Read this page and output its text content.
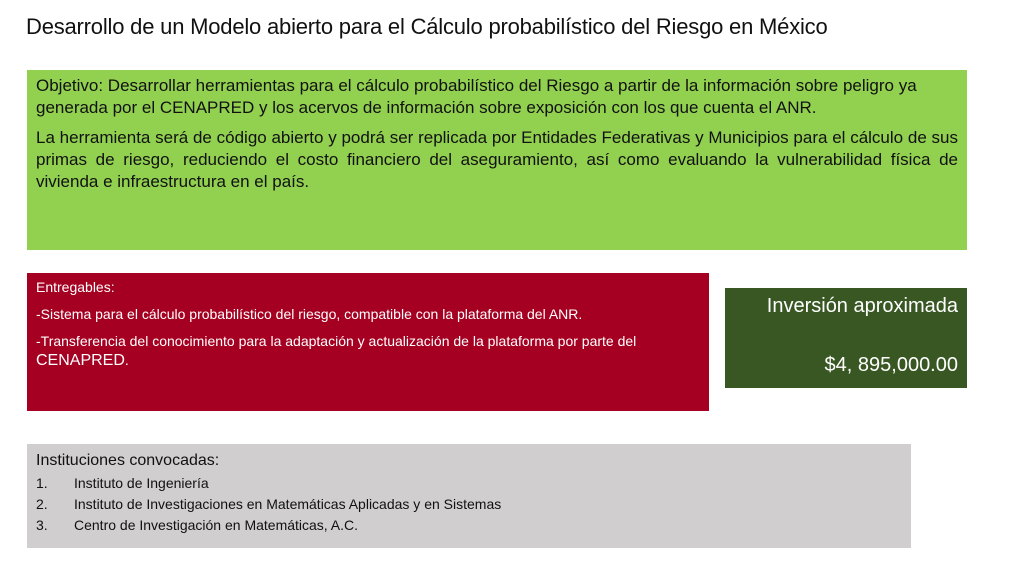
Desarrollo de un Modelo abierto para el Cálculo probabilístico del Riesgo en México

Objetivo: Desarrollar herramientas para el cálculo probabilístico del Riesgo a partir de la información sobre peligro ya generada por el CENAPRED y los acervos de información sobre exposición con los que cuenta el ANR.

La herramienta será de código abierto y podrá ser replicada por Entidades Federativas y Municipios para el cálculo de sus primas de riesgo, reduciendo el costo financiero del aseguramiento, así como evaluando la vulnerabilidad física de vivienda e infraestructura en el país.

Entregables:

-Sistema para el cálculo probabilístico del riesgo, compatible con la plataforma del ANR.

-Transferencia del conocimiento para la adaptación y actualización de la plataforma por parte del CENAPRED.

Inversión aproximada
$4, 895,000.00
Instituciones convocadas:
1.	Instituto de Ingeniería
2.	Instituto de Investigaciones en Matemáticas Aplicadas y en Sistemas
3.	Centro de Investigación en Matemáticas, A.C.
